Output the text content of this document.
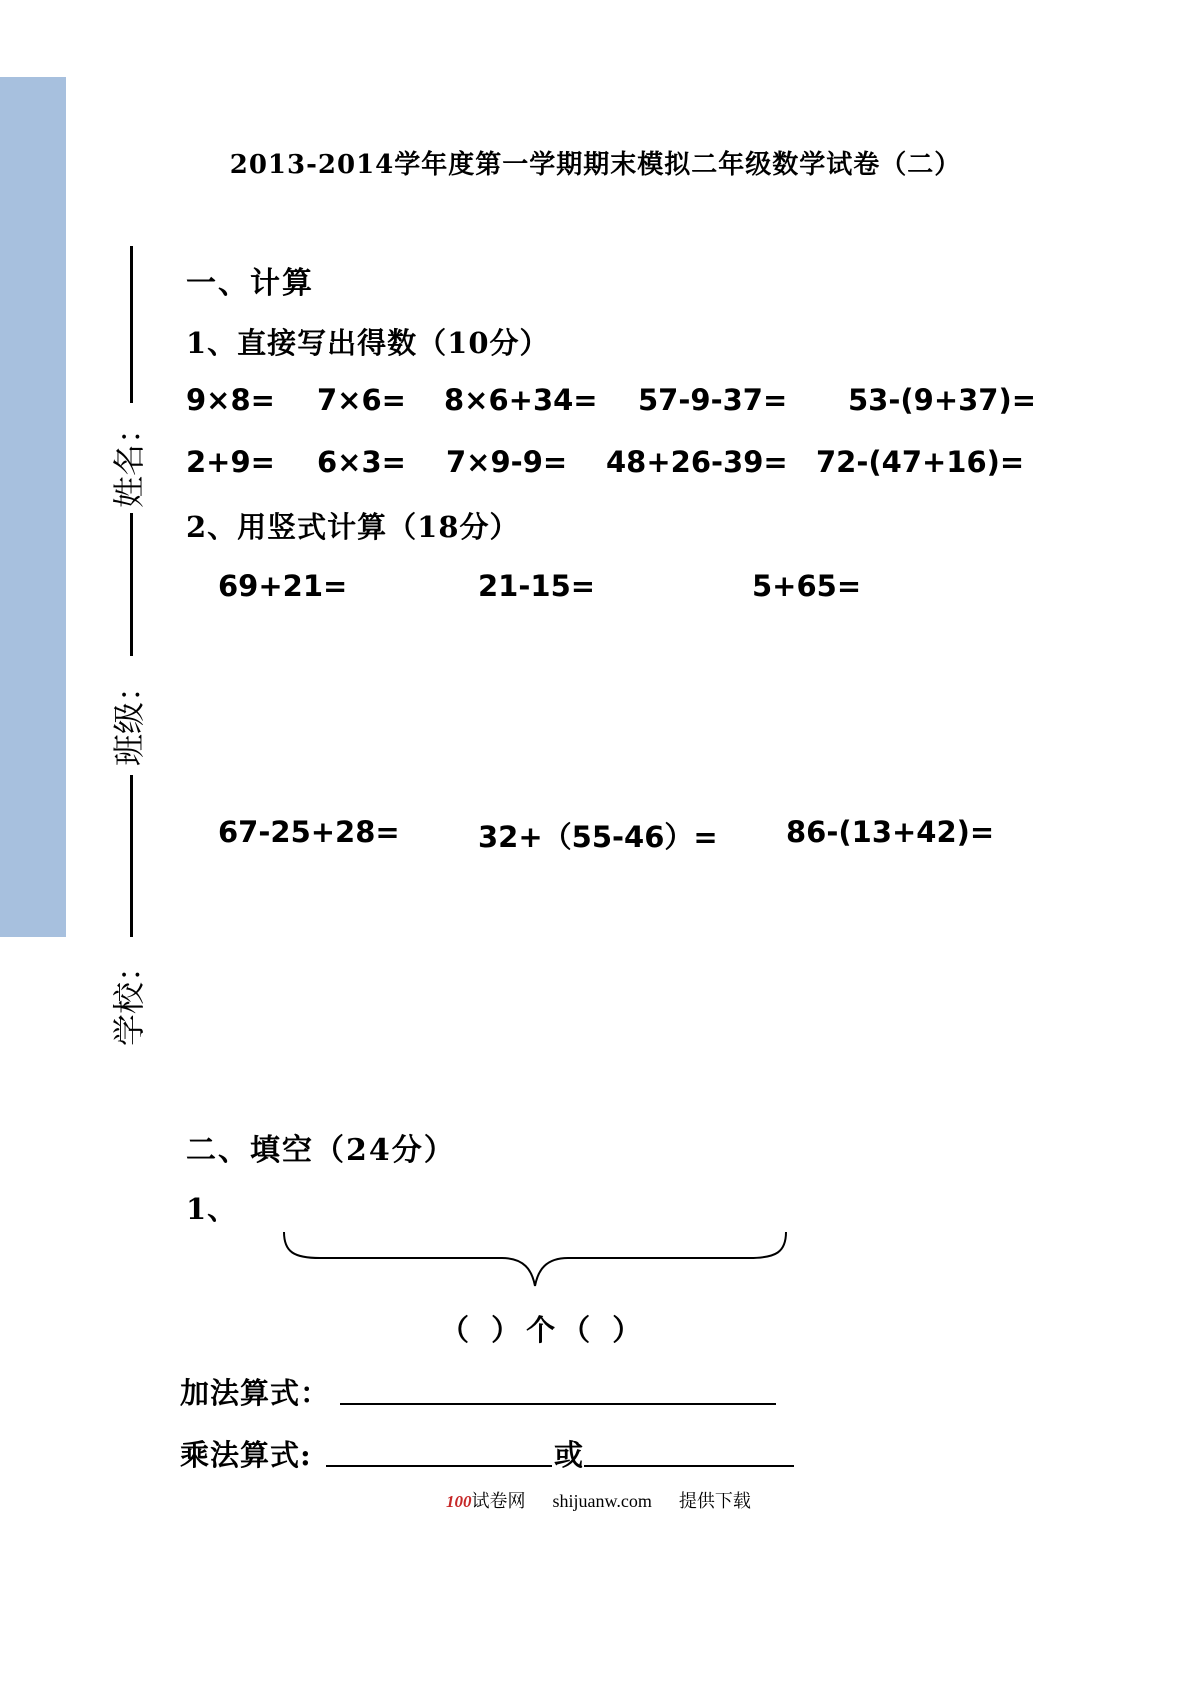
2013-2014学年度第一学期期末模拟二年级数学试卷（二）
姓名：
班级：
学校：
一、计算
1、直接写出得数（10分）
9×8= 7×6= 8×6+34= 57-9-37= 53-(9+37)=
2+9= 6×3= 7×9-9= 48+26-39= 72-(47+16)=
2、用竖式计算（18分）
69+21=	21-15=	5+65=
67-25+28=	32+（55-46）= 86-(13+42)=
二、填空（24分）
1、
（ ）个（ ）
加法算式：
乘法算式:	或
100试卷网 shijuanw.com 提供下载
